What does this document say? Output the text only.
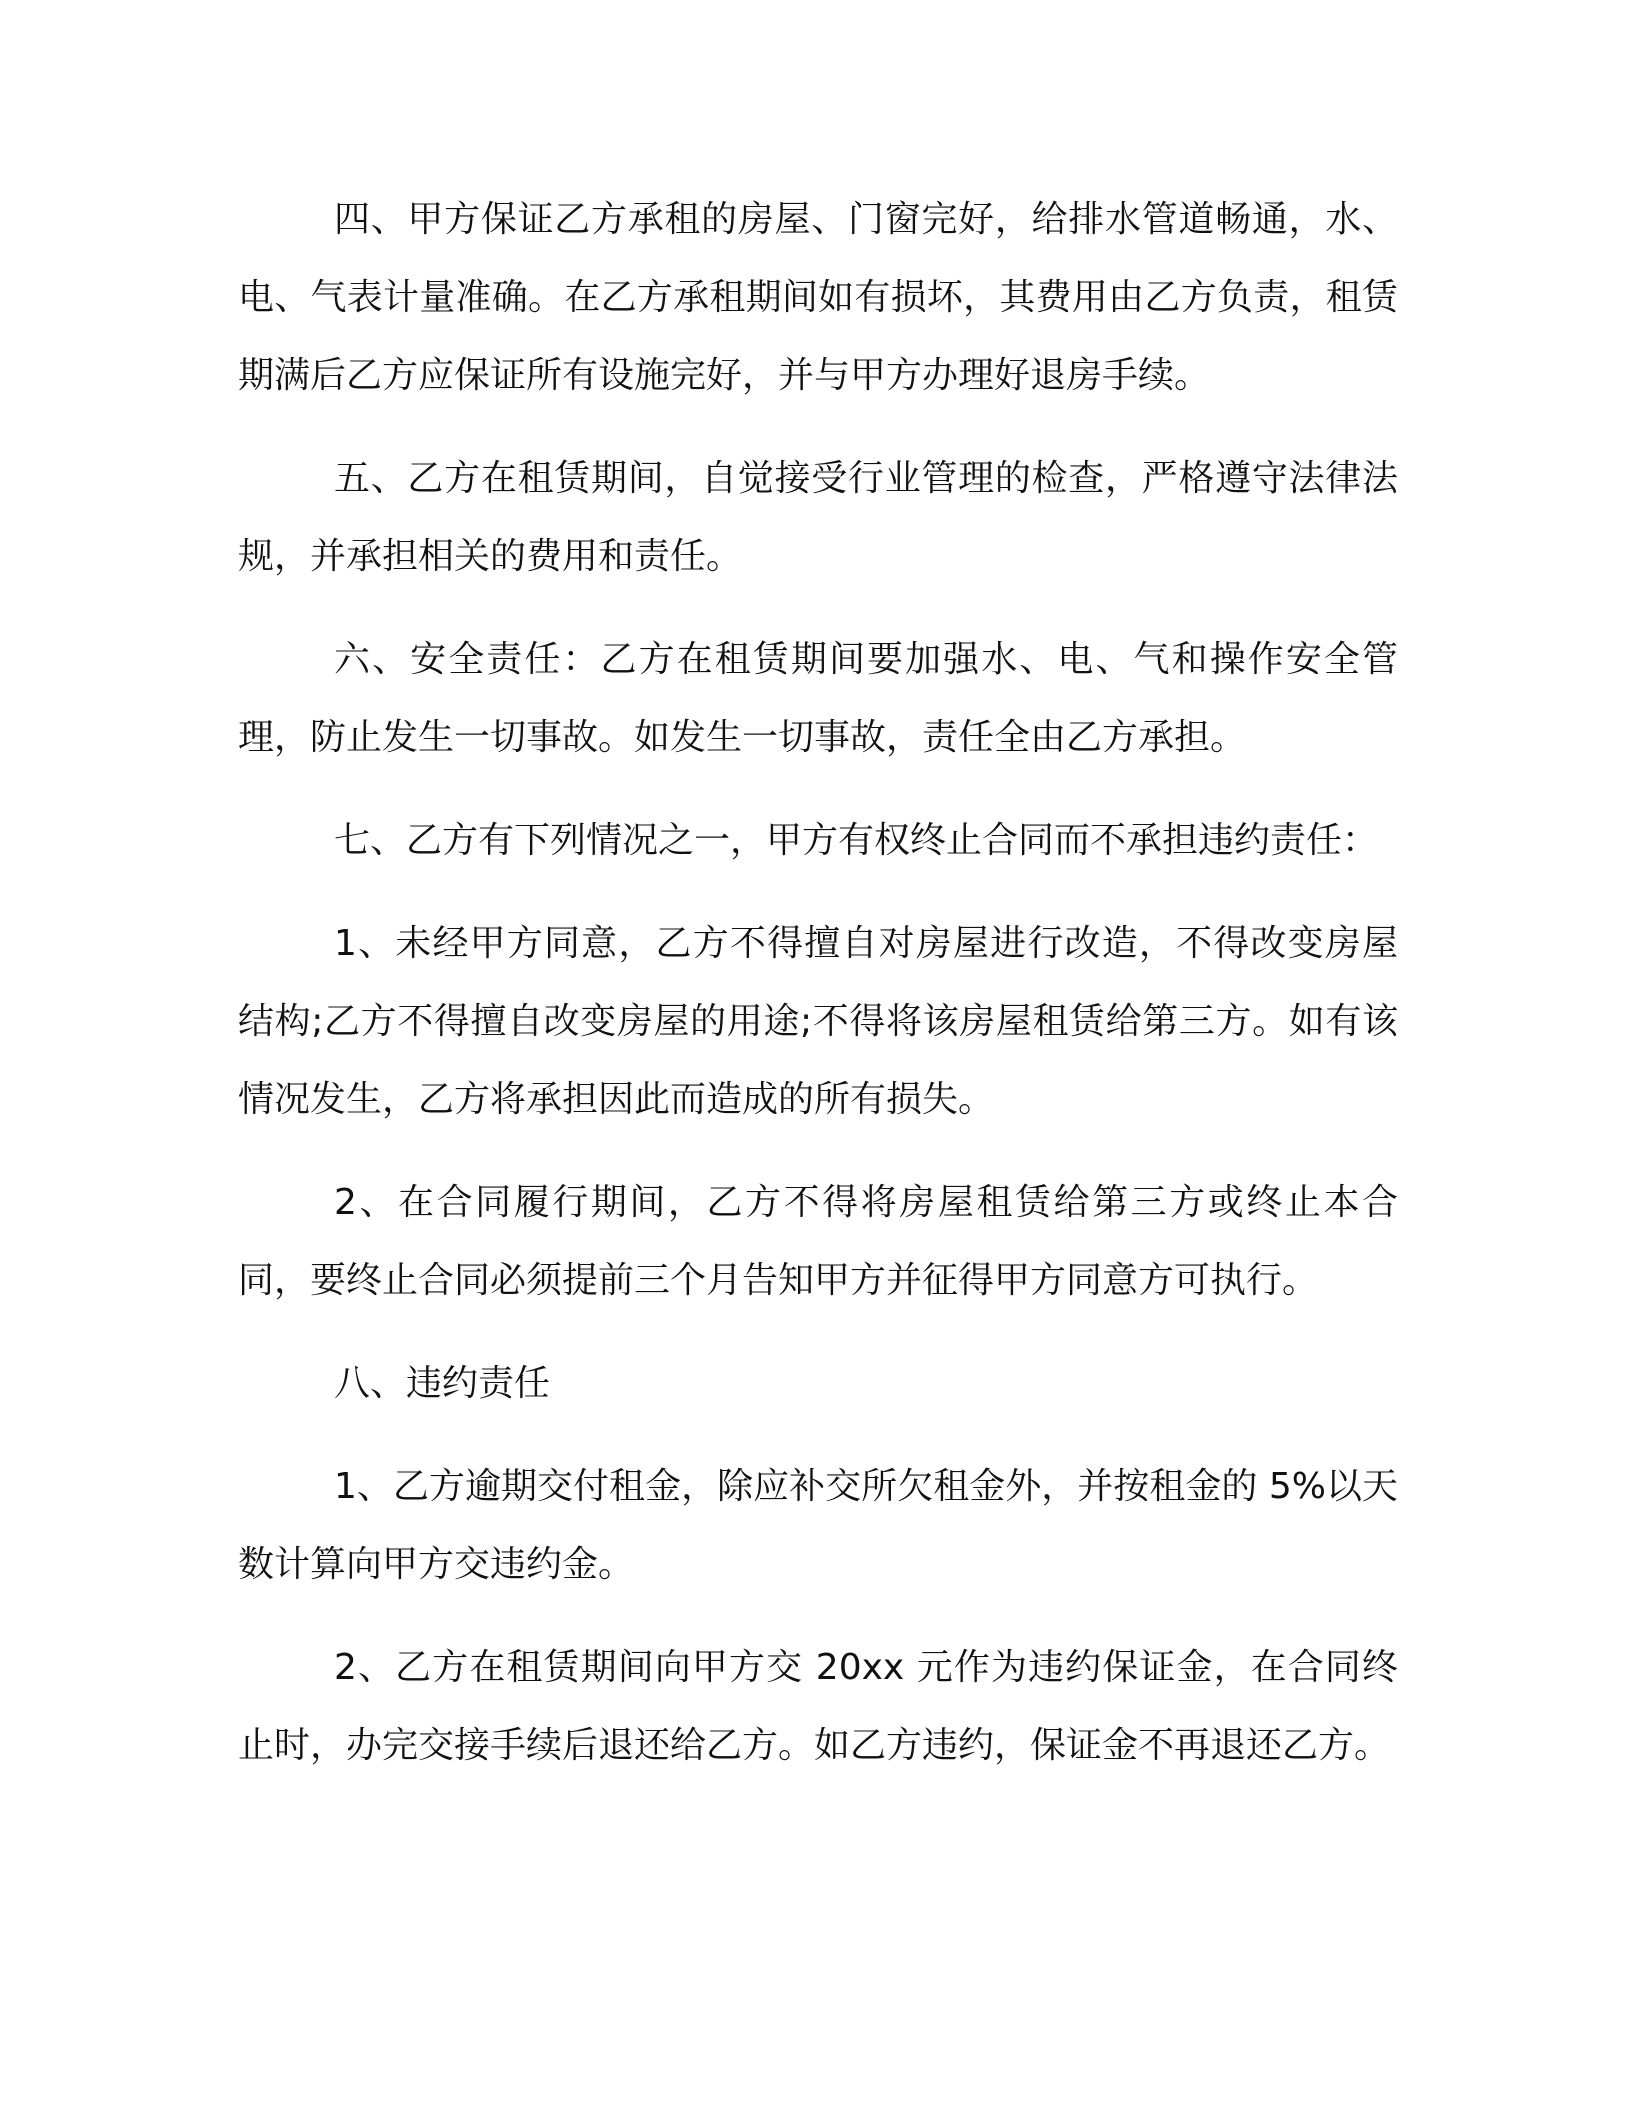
四、甲方保证乙方承租的房屋、门窗完好，给排水管道畅通，水、电、气表计量准确。在乙方承租期间如有损坏，其费用由乙方负责，租赁期满后乙方应保证所有设施完好，并与甲方办理好退房手续。

五、乙方在租赁期间，自觉接受行业管理的检查，严格遵守法律法规，并承担相关的费用和责任。

六、安全责任：乙方在租赁期间要加强水、电、气和操作安全管理，防止发生一切事故。如发生一切事故，责任全由乙方承担。

七、乙方有下列情况之一，甲方有权终止合同而不承担违约责任：

1、未经甲方同意，乙方不得擅自对房屋进行改造，不得改变房屋结构;乙方不得擅自改变房屋的用途;不得将该房屋租赁给第三方。如有该情况发生，乙方将承担因此而造成的所有损失。

2、在合同履行期间，乙方不得将房屋租赁给第三方或终止本合同，要终止合同必须提前三个月告知甲方并征得甲方同意方可执行。

八、违约责任

1、乙方逾期交付租金，除应补交所欠租金外，并按租金的 5%以天数计算向甲方交违约金。

2、乙方在租赁期间向甲方交 20xx 元作为违约保证金，在合同终止时，办完交接手续后退还给乙方。如乙方违约，保证金不再退还乙方。
